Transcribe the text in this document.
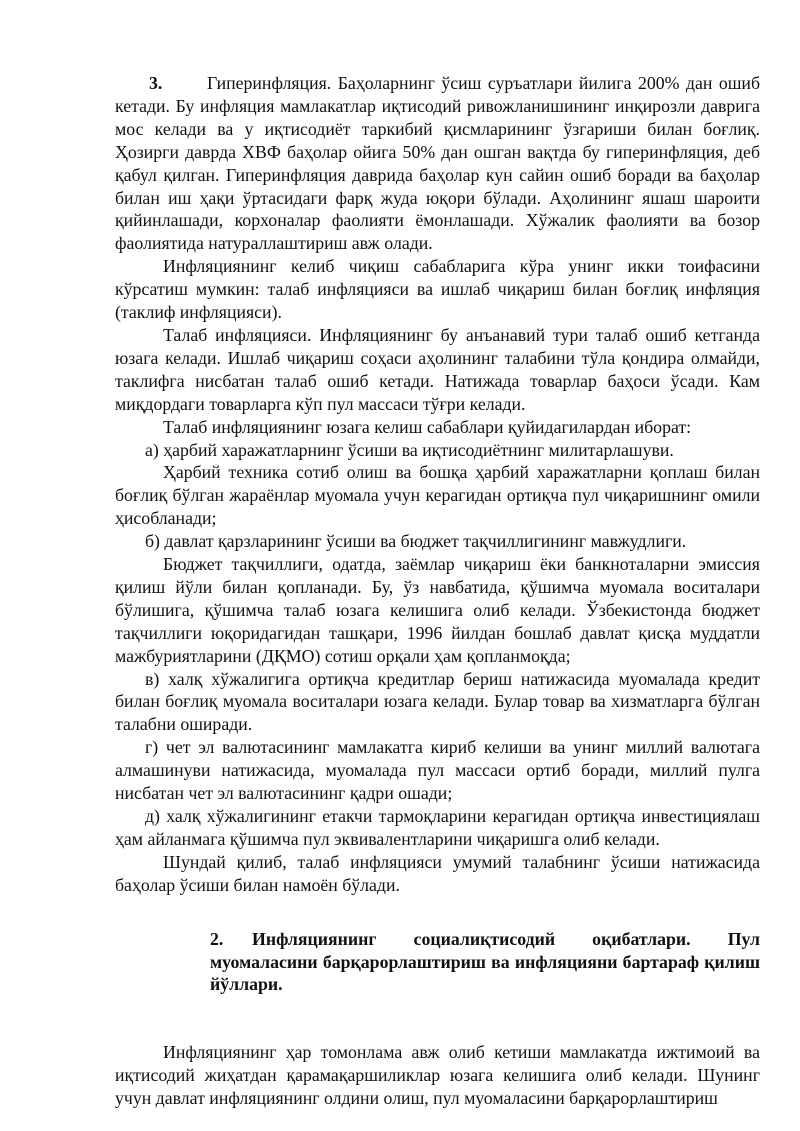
3.	Гиперинфляция. Баҳоларнинг ўсиш суръатлари йилига 200% дан ошиб кетади. Бу инфляция мамлакатлар иқтисодий ривожланишининг инқирозли даврига мос келади ва у иқтисодиёт таркибий қисмларининг ўзгариши билан боғлиқ. Ҳозирги даврда ХВФ баҳолар ойига 50% дан ошган вақтда бу гиперинфляция, деб қабул қилган. Гиперинфляция даврида баҳолар кун сайин ошиб боради ва баҳолар билан иш ҳақи ўртасидаги фарқ жуда юқори бўлади. Аҳолининг яшаш шароити қийинлашади, корхоналар фаолияти ёмонлашади. Хўжалик фаолияти ва бозор фаолиятида натураллаштириш авж олади.

Инфляциянинг келиб чиқиш сабабларига кўра унинг икки тоифасини кўрсатиш мумкин: талаб инфляцияси ва ишлаб чиқариш билан боғлиқ инфляция (таклиф инфляцияси).

Талаб инфляцияси. Инфляциянинг бу анъанавий тури талаб ошиб кетганда юзага келади. Ишлаб чиқариш соҳаси аҳолининг талабини тўла қондира олмайди, таклифга нисбатан талаб ошиб кетади. Натижада товарлар баҳоси ўсади. Кам миқдордаги товарларга кўп пул массаси тўғри келади.

Талаб инфляциянинг юзага келиш сабаблари қуйидагилардан иборат:

а) ҳарбий харажатларнинг ўсиши ва иқтисодиётнинг милитарлашуви.

Ҳарбий техника сотиб олиш ва бошқа ҳарбий харажатларни қоплаш билан боғлиқ бўлган жараёнлар муомала учун керагидан ортиқча пул чиқаришнинг омили ҳисобланади;

б) давлат қарзларининг ўсиши ва бюджет тақчиллигининг мавжудлиги.

Бюджет тақчиллиги, одатда, заёмлар чиқариш ёки банкноталарни эмиссия қилиш йўли билан қопланади. Бу, ўз навбатида, қўшимча муомала воситалари бўлишига, қўшимча талаб юзага келишига олиб келади. Ўзбекистонда бюджет тақчиллиги юқоридагидан ташқари, 1996 йилдан бошлаб давлат қисқа муддатли мажбуриятларини (ДҚМО) сотиш орқали ҳам қопланмоқда;

в) халқ хўжалигига ортиқча кредитлар бериш натижасида муомалада кредит билан боғлиқ муомала воситалари юзага келади. Булар товар ва хизматларга бўлган талабни оширади.

г) чет эл валютасининг мамлакатга кириб келиши ва унинг миллий валютага алмашинуви натижасида, муомалада пул массаси ортиб боради, миллий пулга нисбатан чет эл валютасининг қадри ошади;

д) халқ хўжалигининг етакчи тармоқларини керагидан ортиқча инвестициялаш ҳам айланмага қўшимча пул эквивалентларини чиқаришга олиб келади.

Шундай қилиб, талаб инфляцияси умумий талабнинг ўсиши натижасида баҳолар ўсиши билан намоён бўлади.

2. Инфляциянинг социалиқтисодий оқибатлари. Пул муомаласини барқарорлаштириш ва инфляцияни бартараф қилиш йўллари.

Инфляциянинг ҳар томонлама авж олиб кетиши мамлакатда ижтимоий ва иқтисодий жиҳатдан қарамақаршиликлар юзага келишига олиб келади. Шунинг учун давлат инфляциянинг олдини олиш, пул муомаласини барқарорлаштириш
